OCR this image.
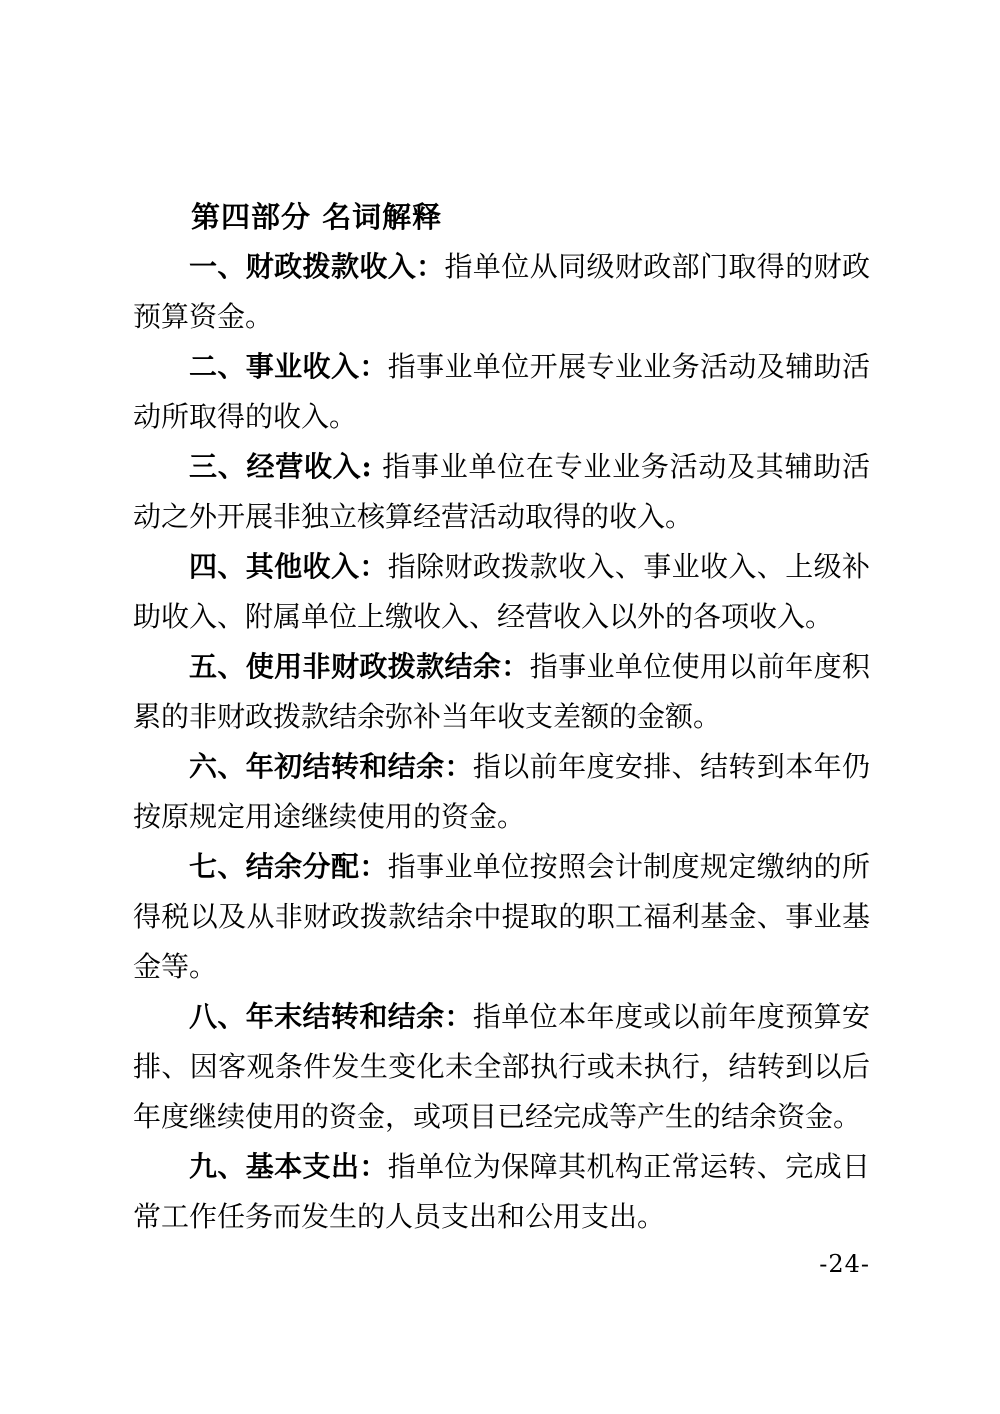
第四部分 名词解释

一、财政拨款收入：指单位从同级财政部门取得的财政预算资金。

二、事业收入：指事业单位开展专业业务活动及辅助活动所取得的收入。

三、经营收入: 指事业单位在专业业务活动及其辅助活动之外开展非独立核算经营活动取得的收入。

四、其他收入：指除财政拨款收入、事业收入、上级补助收入、附属单位上缴收入、经营收入以外的各项收入。

五、使用非财政拨款结余：指事业单位使用以前年度积累的非财政拨款结余弥补当年收支差额的金额。

六、年初结转和结余：指以前年度安排、结转到本年仍按原规定用途继续使用的资金。

七、结余分配：指事业单位按照会计制度规定缴纳的所得税以及从非财政拨款结余中提取的职工福利基金、事业基金等。

八、年末结转和结余：指单位本年度或以前年度预算安排、因客观条件发生变化未全部执行或未执行，结转到以后年度继续使用的资金，或项目已经完成等产生的结余资金。

九、基本支出：指单位为保障其机构正常运转、完成日常工作任务而发生的人员支出和公用支出。

-24-
